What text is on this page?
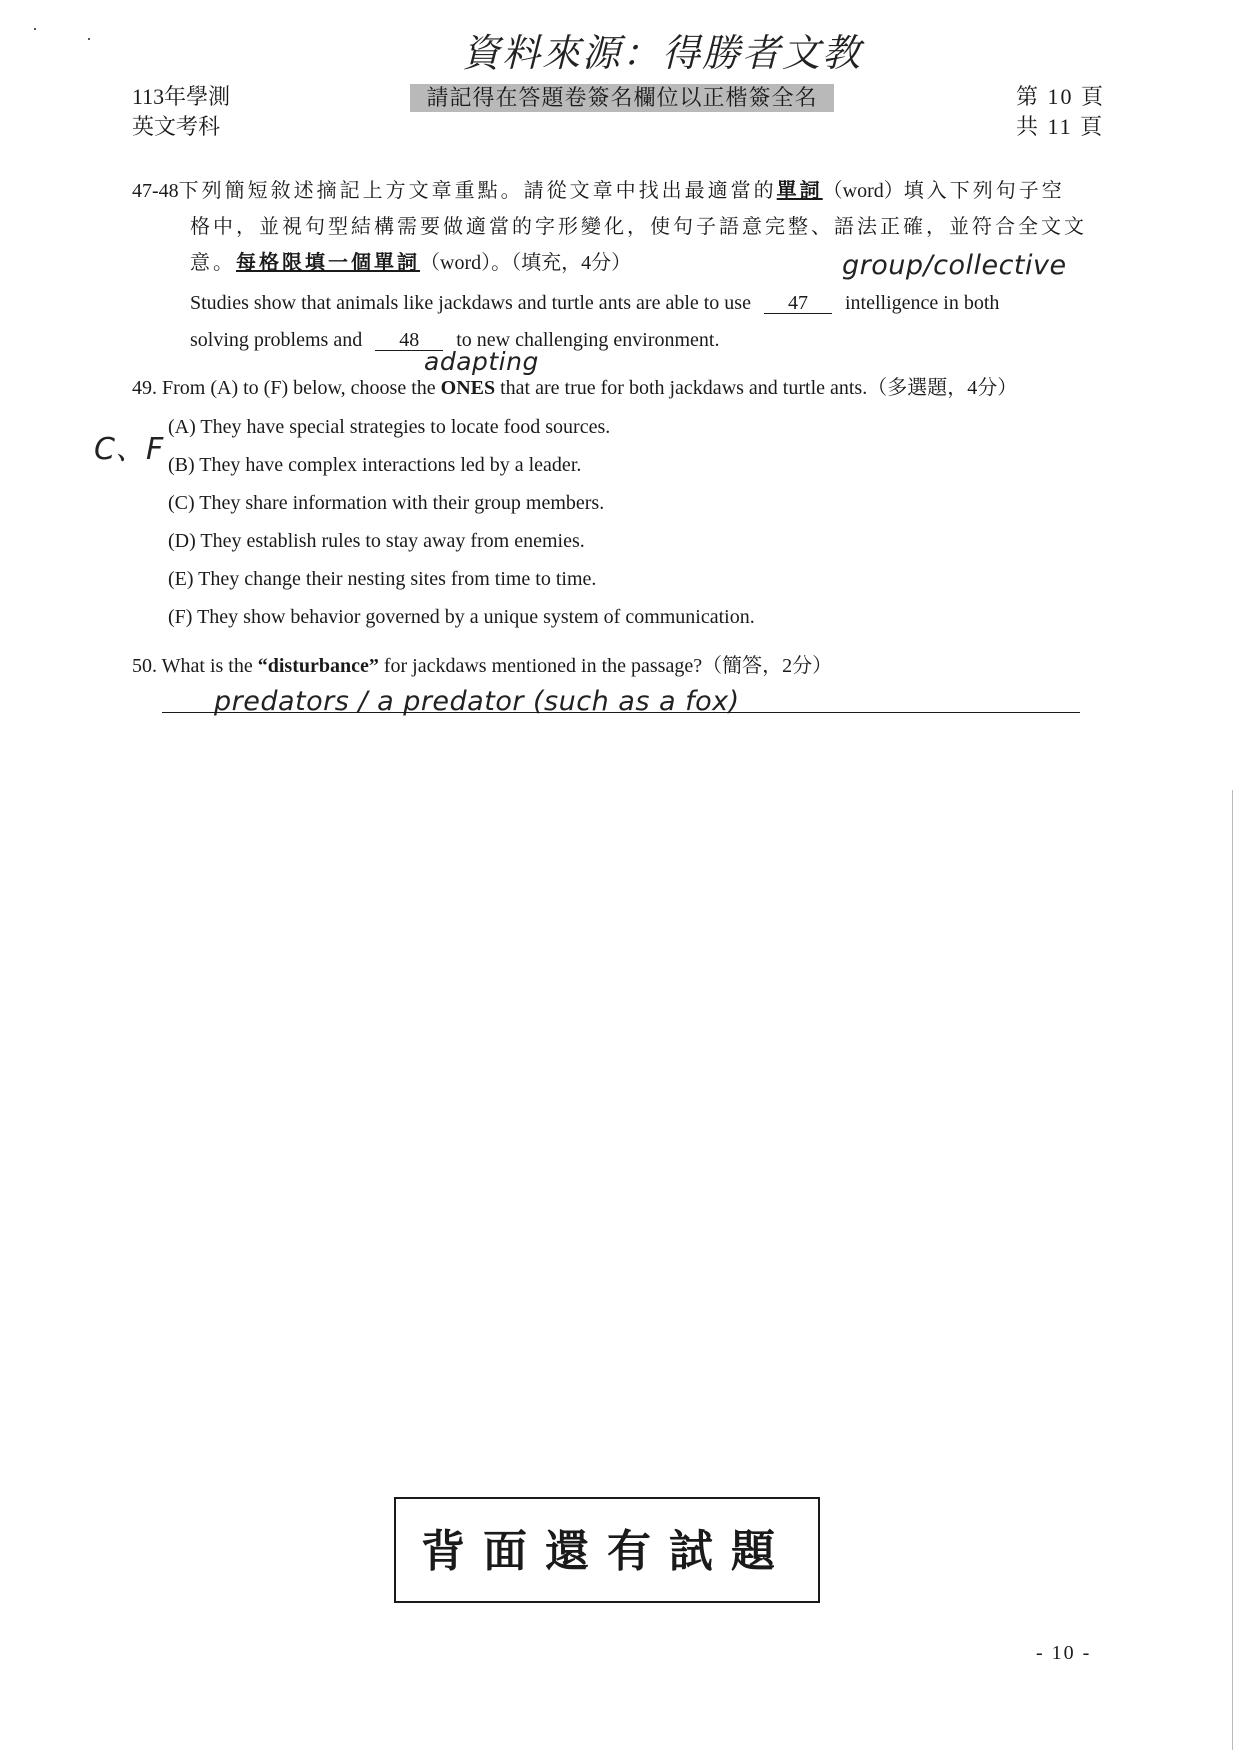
資料來源：得勝者文教
113年學測
英文考科
請記得在答題卷簽名欄位以正楷簽全名	第 10 頁
共 11 頁
47-48下列簡短敘述摘記上方文章重點。請從文章中找出最適當的單詞（word）填入下列句子空
格中，並視句型結構需要做適當的字形變化，使句子語意完整、語法正確，並符合全文文
意。每格限填一個單詞（word）。（填充，4分）	group/collective
Studies show that animals like jackdaws and turtle ants are able to use 47 intelligence in both
solving problems and 48 to new challenging environment.
adapting
49. From (A) to (F) below, choose the ONES that are true for both jackdaws and turtle ants.（多選題，4分）
C、F
(A) They have special strategies to locate food sources.
(B) They have complex interactions led by a leader.
(C) They share information with their group members.
(D) They establish rules to stay away from enemies.
(E) They change their nesting sites from time to time.
(F) They show behavior governed by a unique system of communication.
50. What is the “disturbance” for jackdaws mentioned in the passage?（簡答，2分）
predators / a predator (such as a fox)
背面還有試題
- 10 -
